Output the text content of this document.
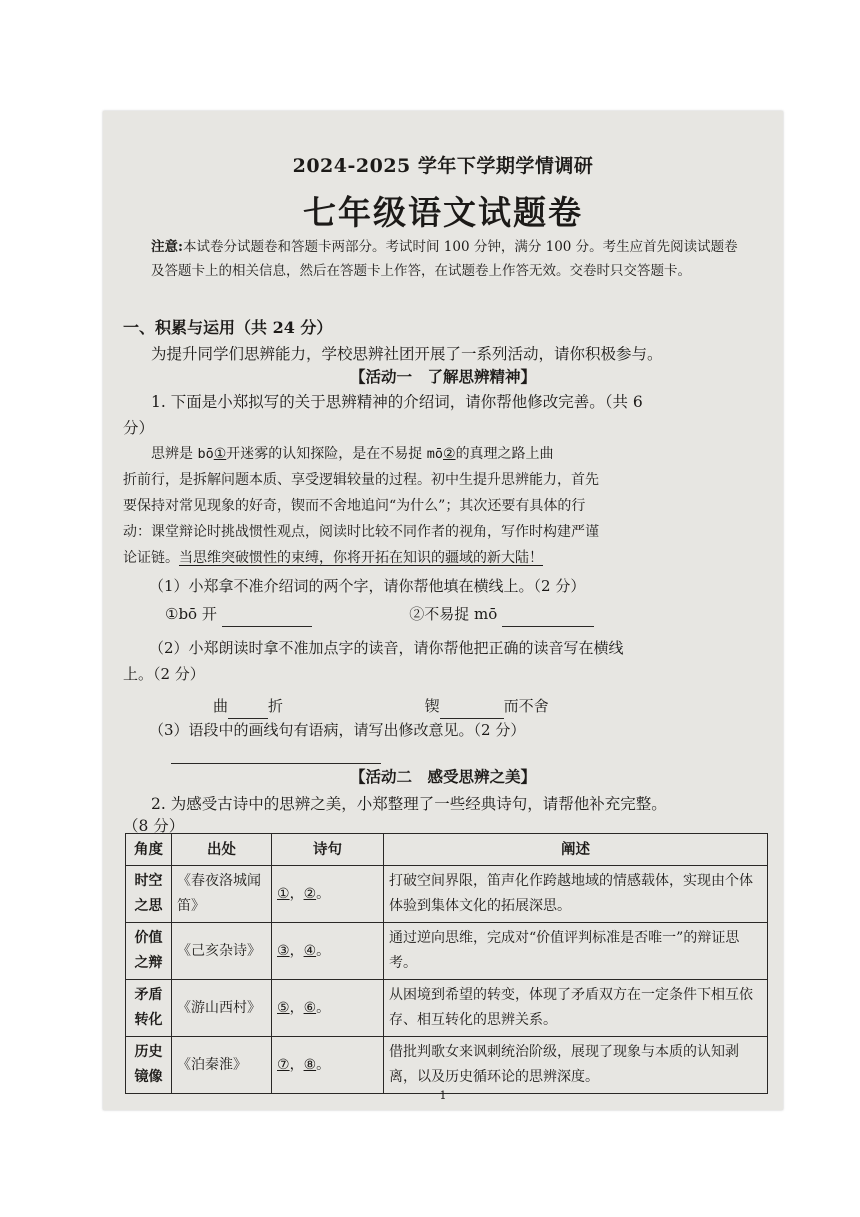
2024-2025 学年下学期学情调研
七年级语文试题卷
注意:本试卷分试题卷和答题卡两部分。考试时间 100 分钟，满分 100 分。考生应首先阅读试题卷及答题卡上的相关信息，然后在答题卡上作答，在试题卷上作答无效。交卷时只交答题卡。
一、积累与运用（共 24 分）
为提升同学们思辨能力，学校思辨社团开展了一系列活动，请你积极参与。
【活动一　了解思辨精神】
1. 下面是小郑拟写的关于思辨精神的介绍词，请你帮他修改完善。（共 6
分）
思辨是 bō①开迷雾的认知探险，是在不易捉 mō②的真理之路上曲
折前行，是拆解问题本质、享受逻辑较量的过程。初中生提升思辨能力，首先
要保持对常见现象的好奇，锲而不舍地追问“为什么”；其次还要有具体的行
动：课堂辩论时挑战惯性观点，阅读时比较不同作者的视角，写作时构建严谨
论证链。当思维突破惯性的束缚，你将开拓在知识的疆域的新大陆！
（1）小郑拿不准介绍词的两个字，请你帮他填在横线上。（2 分）
①bō 开	②不易捉 mō
（2）小郑朗读时拿不准加点字的读音，请你帮他把正确的读音写在横线
上。（2 分）
曲	折	锲	而不舍
（3）语段中的画线句有语病，请写出修改意见。（2 分）
【活动二　感受思辨之美】
2. 为感受古诗中的思辨之美，小郑整理了一些经典诗句，请帮他补充完整。
（8 分）
角度	出处	诗句	阐述
时空之思	《春夜洛城闻笛》	①，②。	打破空间界限，笛声化作跨越地域的情感载体，实现由个体体验到集体文化的拓展深思。
价值之辩	《己亥杂诗》	③，④。	通过逆向思维，完成对“价值评判标准是否唯一”的辩证思考。
矛盾转化	《游山西村》	⑤，⑥。	从困境到希望的转变，体现了矛盾双方在一定条件下相互依存、相互转化的思辨关系。
历史镜像	《泊秦淮》	⑦，⑧。	借批判歌女来讽刺统治阶级，展现了现象与本质的认知剥离，以及历史循环论的思辨深度。
1
